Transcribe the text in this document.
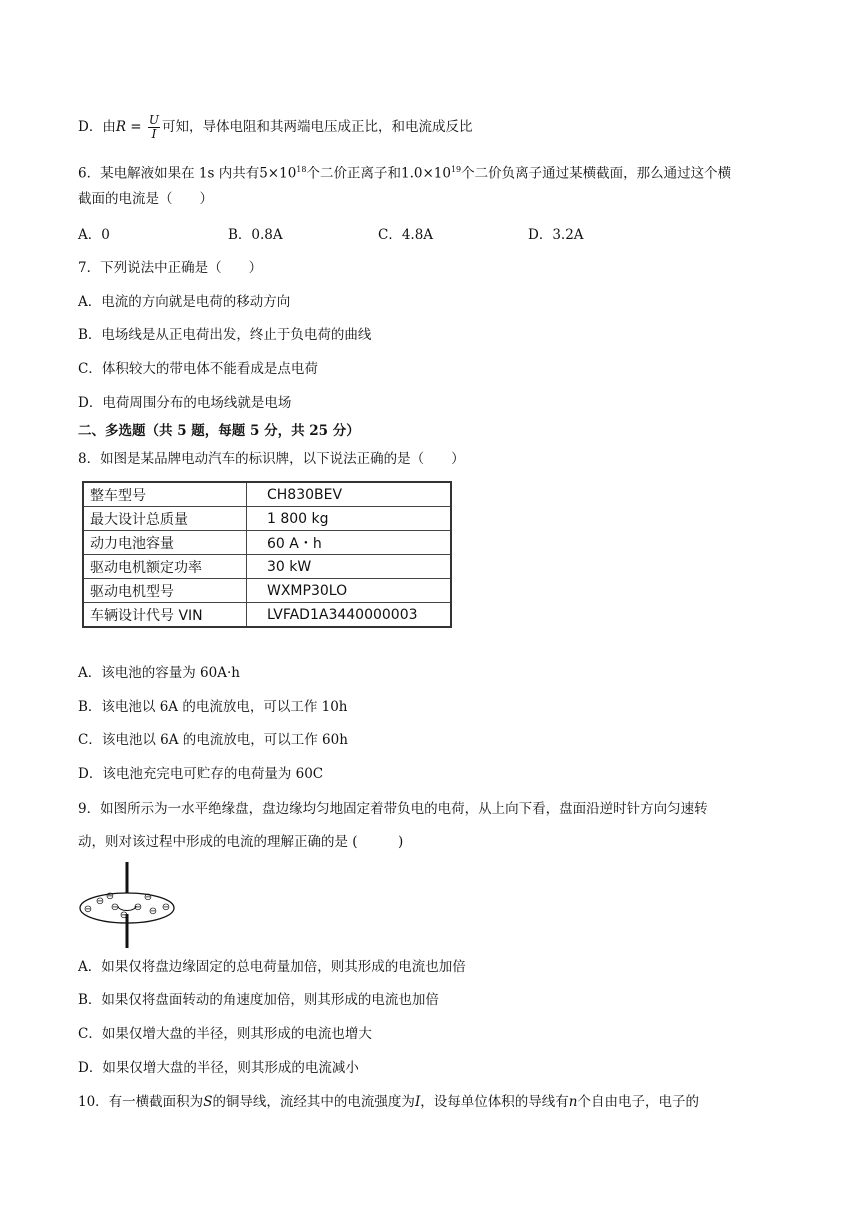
D．由$R = \frac{U}{I}$ 可知，导体电阻和其两端电压成正比，和电流成反比
6．某电解液如果在 1s 内共有$5\times 10^{18}$个二价正离子和$1.0\times 10^{19}$个二价负离子通过某横截面，那么通过这个横
截面的电流是（　　）
A．0	B．0.8A	C．4.8A	D．3.2A
7．下列说法中正确是（　　）
A．电流的方向就是电荷的移动方向
B．电场线是从正电荷出发，终止于负电荷的曲线
C．体积较大的带电体不能看成是点电荷
D．电荷周围分布的电场线就是电场
二、多选题（共 5 题，每题 5 分，共 25 分）
8．如图是某品牌电动汽车的标识牌，以下说法正确的是（　　）
整车型号	CH830BEV
最大设计总质量	1 800 kg
动力电池容量	60 A・h
驱动电机额定功率	30 kW
驱动电机型号	WXMP30LO
车辆设计代号 VIN	LVFAD1A3440000003
A．该电池的容量为 60A·h
B．该电池以 6A 的电流放电，可以工作 10h
C．该电池以 6A 的电流放电，可以工作 60h
D．该电池充完电可贮存的电荷量为 60C
9．如图所示为一水平绝缘盘，盘边缘均匀地固定着带负电的电荷，从上向下看，盘面沿逆时针方向匀速转
动，则对该过程中形成的电流的理解正确的是 (　　　)
⊖
⊖ ⊖
⊖
⊖
⊖
⊖
⊖ ⊖
A．如果仅将盘边缘固定的总电荷量加倍，则其形成的电流也加倍
B．如果仅将盘面转动的角速度加倍，则其形成的电流也加倍
C．如果仅增大盘的半径，则其形成的电流也增大
D．如果仅增大盘的半径，则其形成的电流减小
10．有一横截面积为S的铜导线，流经其中的电流强度为I，设每单位体积的导线有n个自由电子，电子的
